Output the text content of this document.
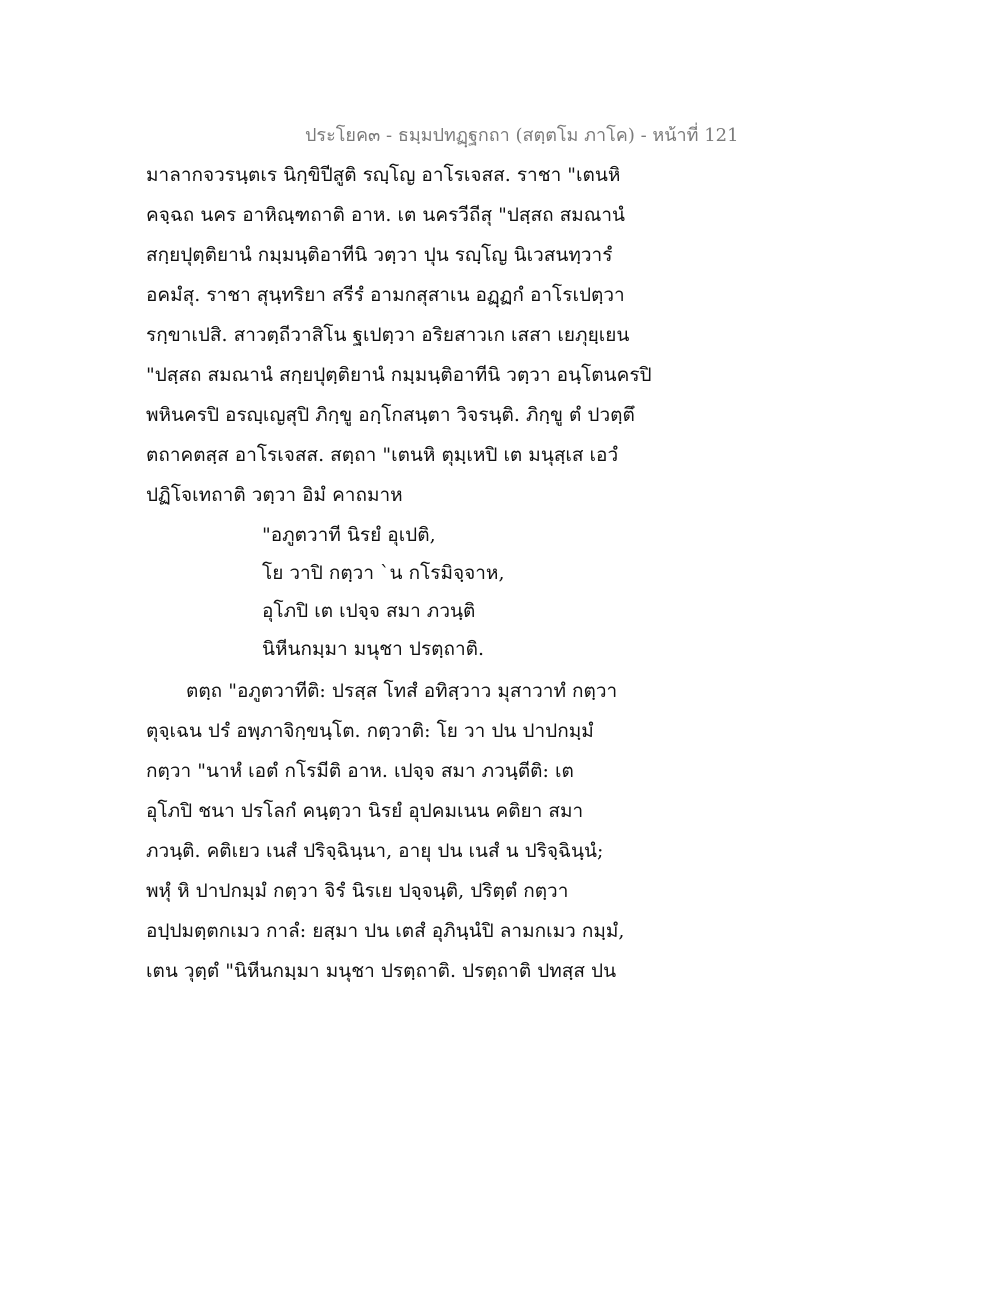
ประโยค๓ - ธมฺมปทฏฺฐกถา (สตฺตโม ภาโค) - หน้าที่ 121
มาลากจวรนฺตเร นิกฺขิปีสูติ รญฺโญ อาโรเจสส. ราชา "เตนหิ
คจฺฉถ นคร อาหิณฺฑถาติ อาห. เต นครวีถีสุ "ปสฺสถ สมณานํ
สกฺยปุตฺติยานํ กมฺมนฺติอาทีนิ วตฺวา ปุน รญฺโญ นิเวสนทฺวารํ
อคมํสุ. ราชา สุนฺทริยา สรีรํ อามกสุสาเน อฏฺฏกํ อาโรเปตฺวา
รกฺขาเปสิ. สาวตฺถีวาสิโน ฐเปตฺวา อริยสาวเก เสสา เยภุยฺเยน
"ปสฺสถ สมณานํ สกฺยปุตฺติยานํ กมฺมนฺติอาทีนิ วตฺวา อนฺโตนครปิ
พหินครปิ อรญฺเญสุปิ ภิกฺขู อกฺโกสนฺตา วิจรนฺติ. ภิกฺขู ตํ ปวตฺตึ
ตถาคตสฺส อาโรเจสส. สตฺถา "เตนหิ ตุมฺเหปิ เต มนุสฺเส เอวํ
ปฏิโจเทถาติ วตฺวา อิมํ คาถมาห
"อภูตวาที นิรยํ อุเปติ,
โย วาปิ กตฺวา `น กโรมิจฺจาห,
อุโภปิ เต เปจฺจ สมา ภวนฺติ
นิหีนกมฺมา มนุชา ปรตฺถาติ.
ตตฺถ "อภูตวาทีติ: ปรสฺส โทสํ อทิสฺวาว มุสาวาทํ กตฺวา
ตุจฺเฉน ปรํ อพฺภาจิกฺขนฺโต. กตฺวาติ: โย วา ปน ปาปกมฺมํ
กตฺวา "นาหํ เอตํ กโรมีติ อาห. เปจฺจ สมา ภวนฺตีติ: เต
อุโภปิ ชนา ปรโลกํ คนฺตฺวา นิรยํ อุปคมเนน คติยา สมา
ภวนฺติ. คติเยว เนสํ ปริจฺฉินฺนา, อายุ ปน เนสํ น ปริจฺฉินฺนํ;
พหุํ หิ ปาปกมฺมํ กตฺวา จิรํ นิรเย ปจฺจนฺติ, ปริตฺตํ กตฺวา
อปฺปมตฺตกเมว กาลํ: ยสฺมา ปน เตสํ อุภินฺนํปิ ลามกเมว กมฺมํ,
เตน วุตฺตํ "นิหีนกมฺมา มนุชา ปรตฺถาติ. ปรตฺถาติ ปทสฺส ปน
